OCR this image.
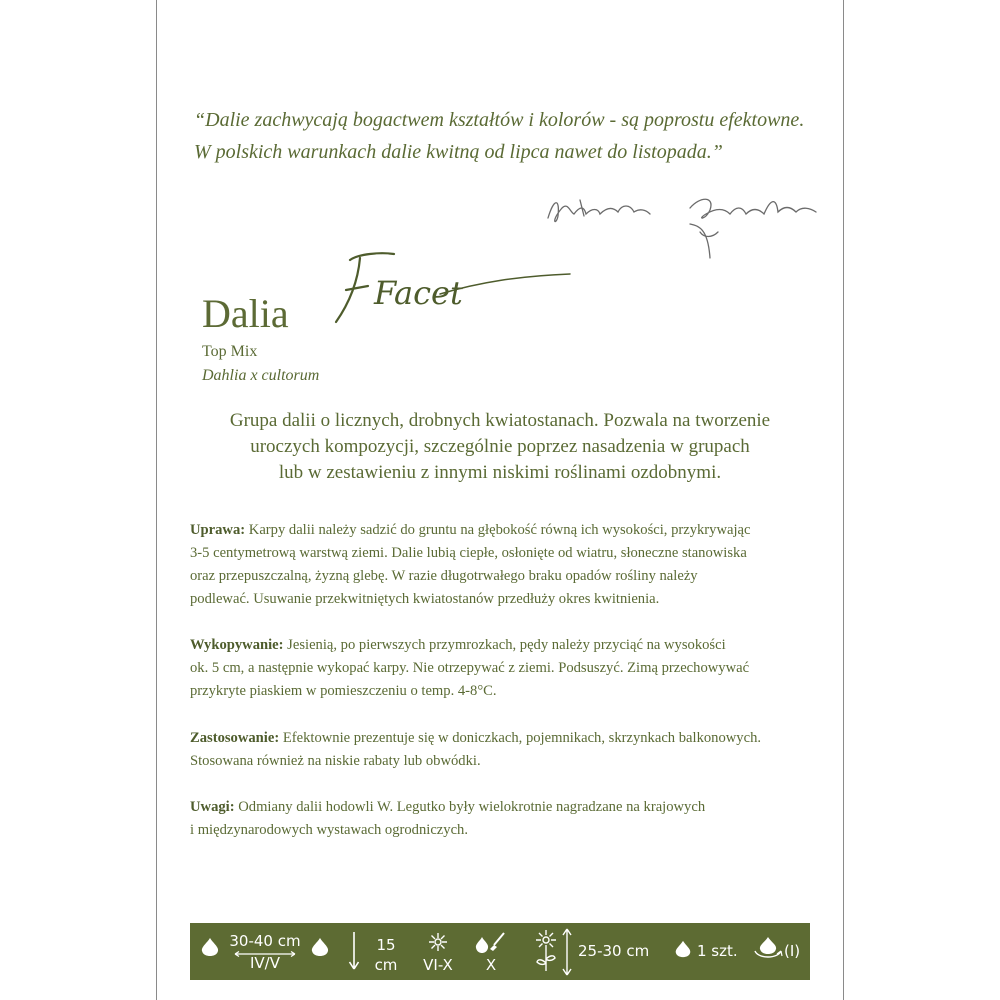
“Dalie zachwycają bogactwem kształtów i kolorów - są poprostu efektowne.
W polskich warunkach dalie kwitną od lipca nawet do listopada.”
Dalia	Facet
Top Mix
Dahlia x cultorum
Grupa dalii o licznych, drobnych kwiatostanach. Pozwala na tworzenie
uroczych kompozycji, szczególnie poprzez nasadzenia w grupach
lub w zestawieniu z innymi niskimi roślinami ozdobnymi.
Uprawa: Karpy dalii należy sadzić do gruntu na głębokość równą ich wysokości, przykrywając
3-5 centymetrową warstwą ziemi. Dalie lubią ciepłe, osłonięte od wiatru, słoneczne stanowiska
oraz przepuszczalną, żyzną glebę. W razie długotrwałego braku opadów rośliny należy
podlewać. Usuwanie przekwitniętych kwiatostanów przedłuży okres kwitnienia.
Wykopywanie: Jesienią, po pierwszych przymrozkach, pędy należy przyciąć na wysokości
ok. 5 cm, a następnie wykopać karpy. Nie otrzepywać z ziemi. Podsuszyć. Zimą przechowywać
przykryte piaskiem w pomieszczeniu o temp. 4-8°C.
Zastosowanie: Efektownie prezentuje się w doniczkach, pojemnikach, skrzynkach balkonowych.
Stosowana również na niskie rabaty lub obwódki.
Uwagi: Odmiany dalii hodowli W. Legutko były wielokrotnie nagradzane na krajowych
i międzynarodowych wystawach ogrodniczych.
30-40 cm
IV/V
15
cm	VI-X	X
25-30 cm	1 szt.	(I)
